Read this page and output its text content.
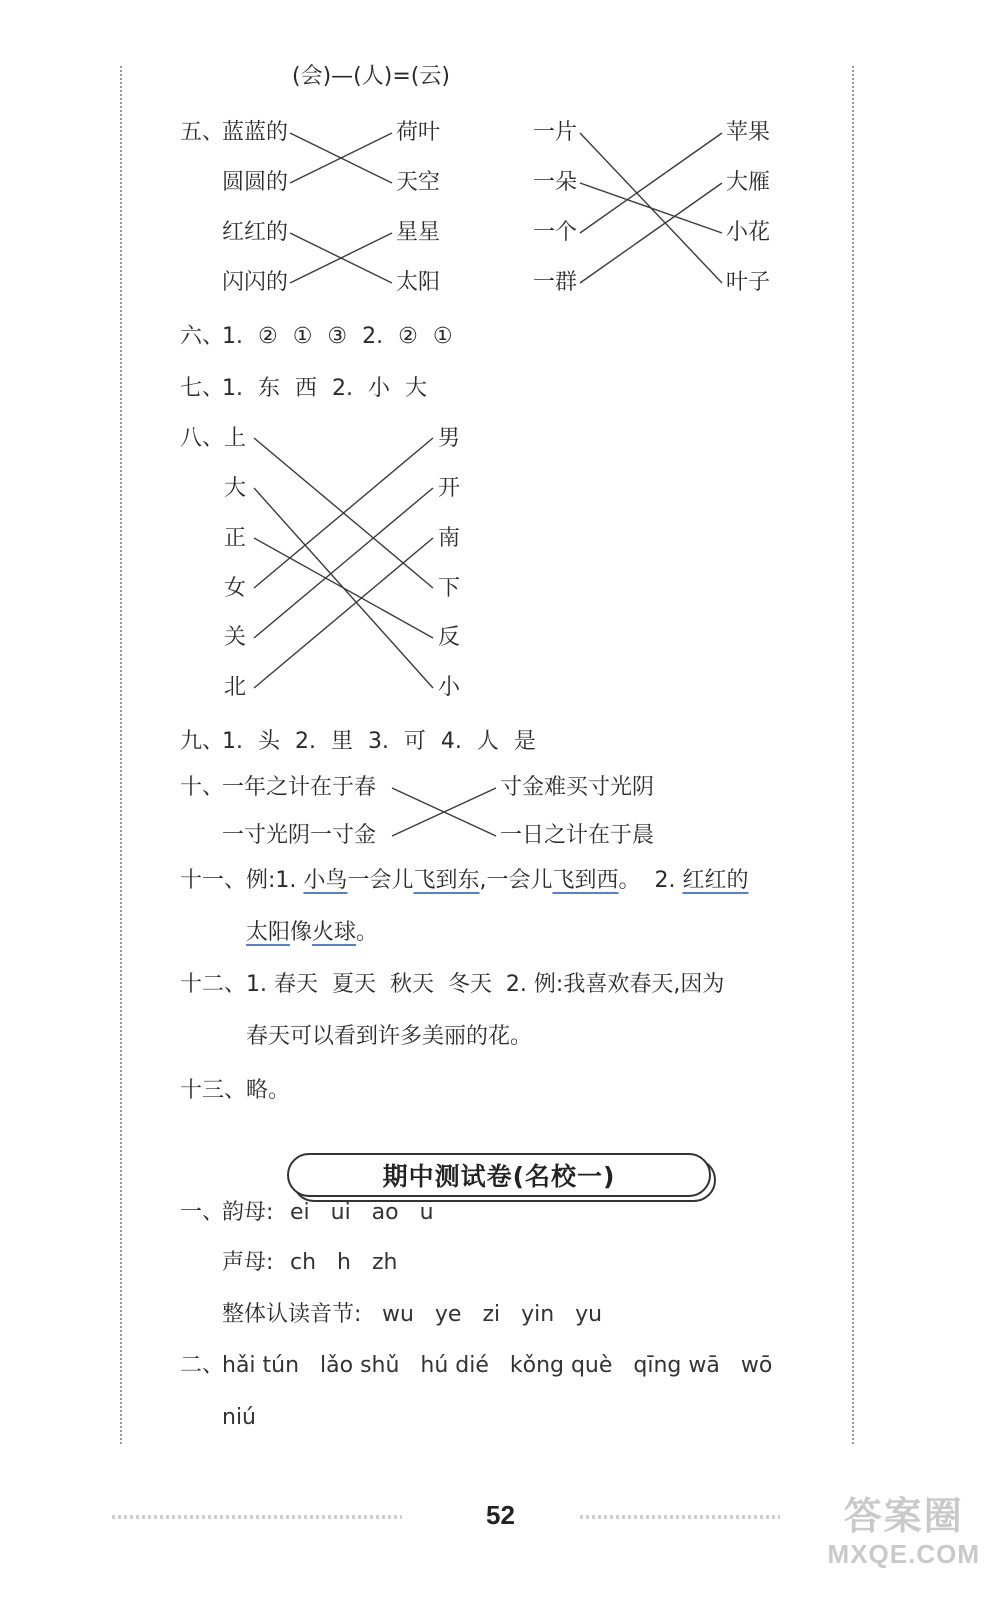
(会)—(人)=(云)
五、
蓝蓝的
圆圆的
红红的
闪闪的
荷叶
天空
星星
太阳
一片
一朵
一个
一群
苹果
大雁
小花
叶子
六、
1. ② ① ③ 2. ② ①
七、
1. 东 西 2. 小 大
八、 上
大
正
女
关
北
男
开
南
下
反
小
九、
1. 头 2. 里 3. 可 4. 人 是
十、
一年之计在于春
一寸光阴一寸金
寸金难买寸光阴
一日之计在于晨
十一、例:1. 小鸟一会儿飞到东,一会儿飞到西。  2. 红红的
太阳像火球。
十二、 1. 春天  夏天  秋天  冬天  2. 例:我喜欢春天,因为
春天可以看到许多美丽的花。
十三、 略。
期中测试卷(名校一)
一、
韵母: ei   ui   ao   u
声母: ch   h   zh
整体认读音节: wu   ye   zi   yin   yu
二、
hǎi tún   lǎo shǔ   hú dié   kǒng què   qīng wā   wō
niú
52	答案圈
MXQE.COM
